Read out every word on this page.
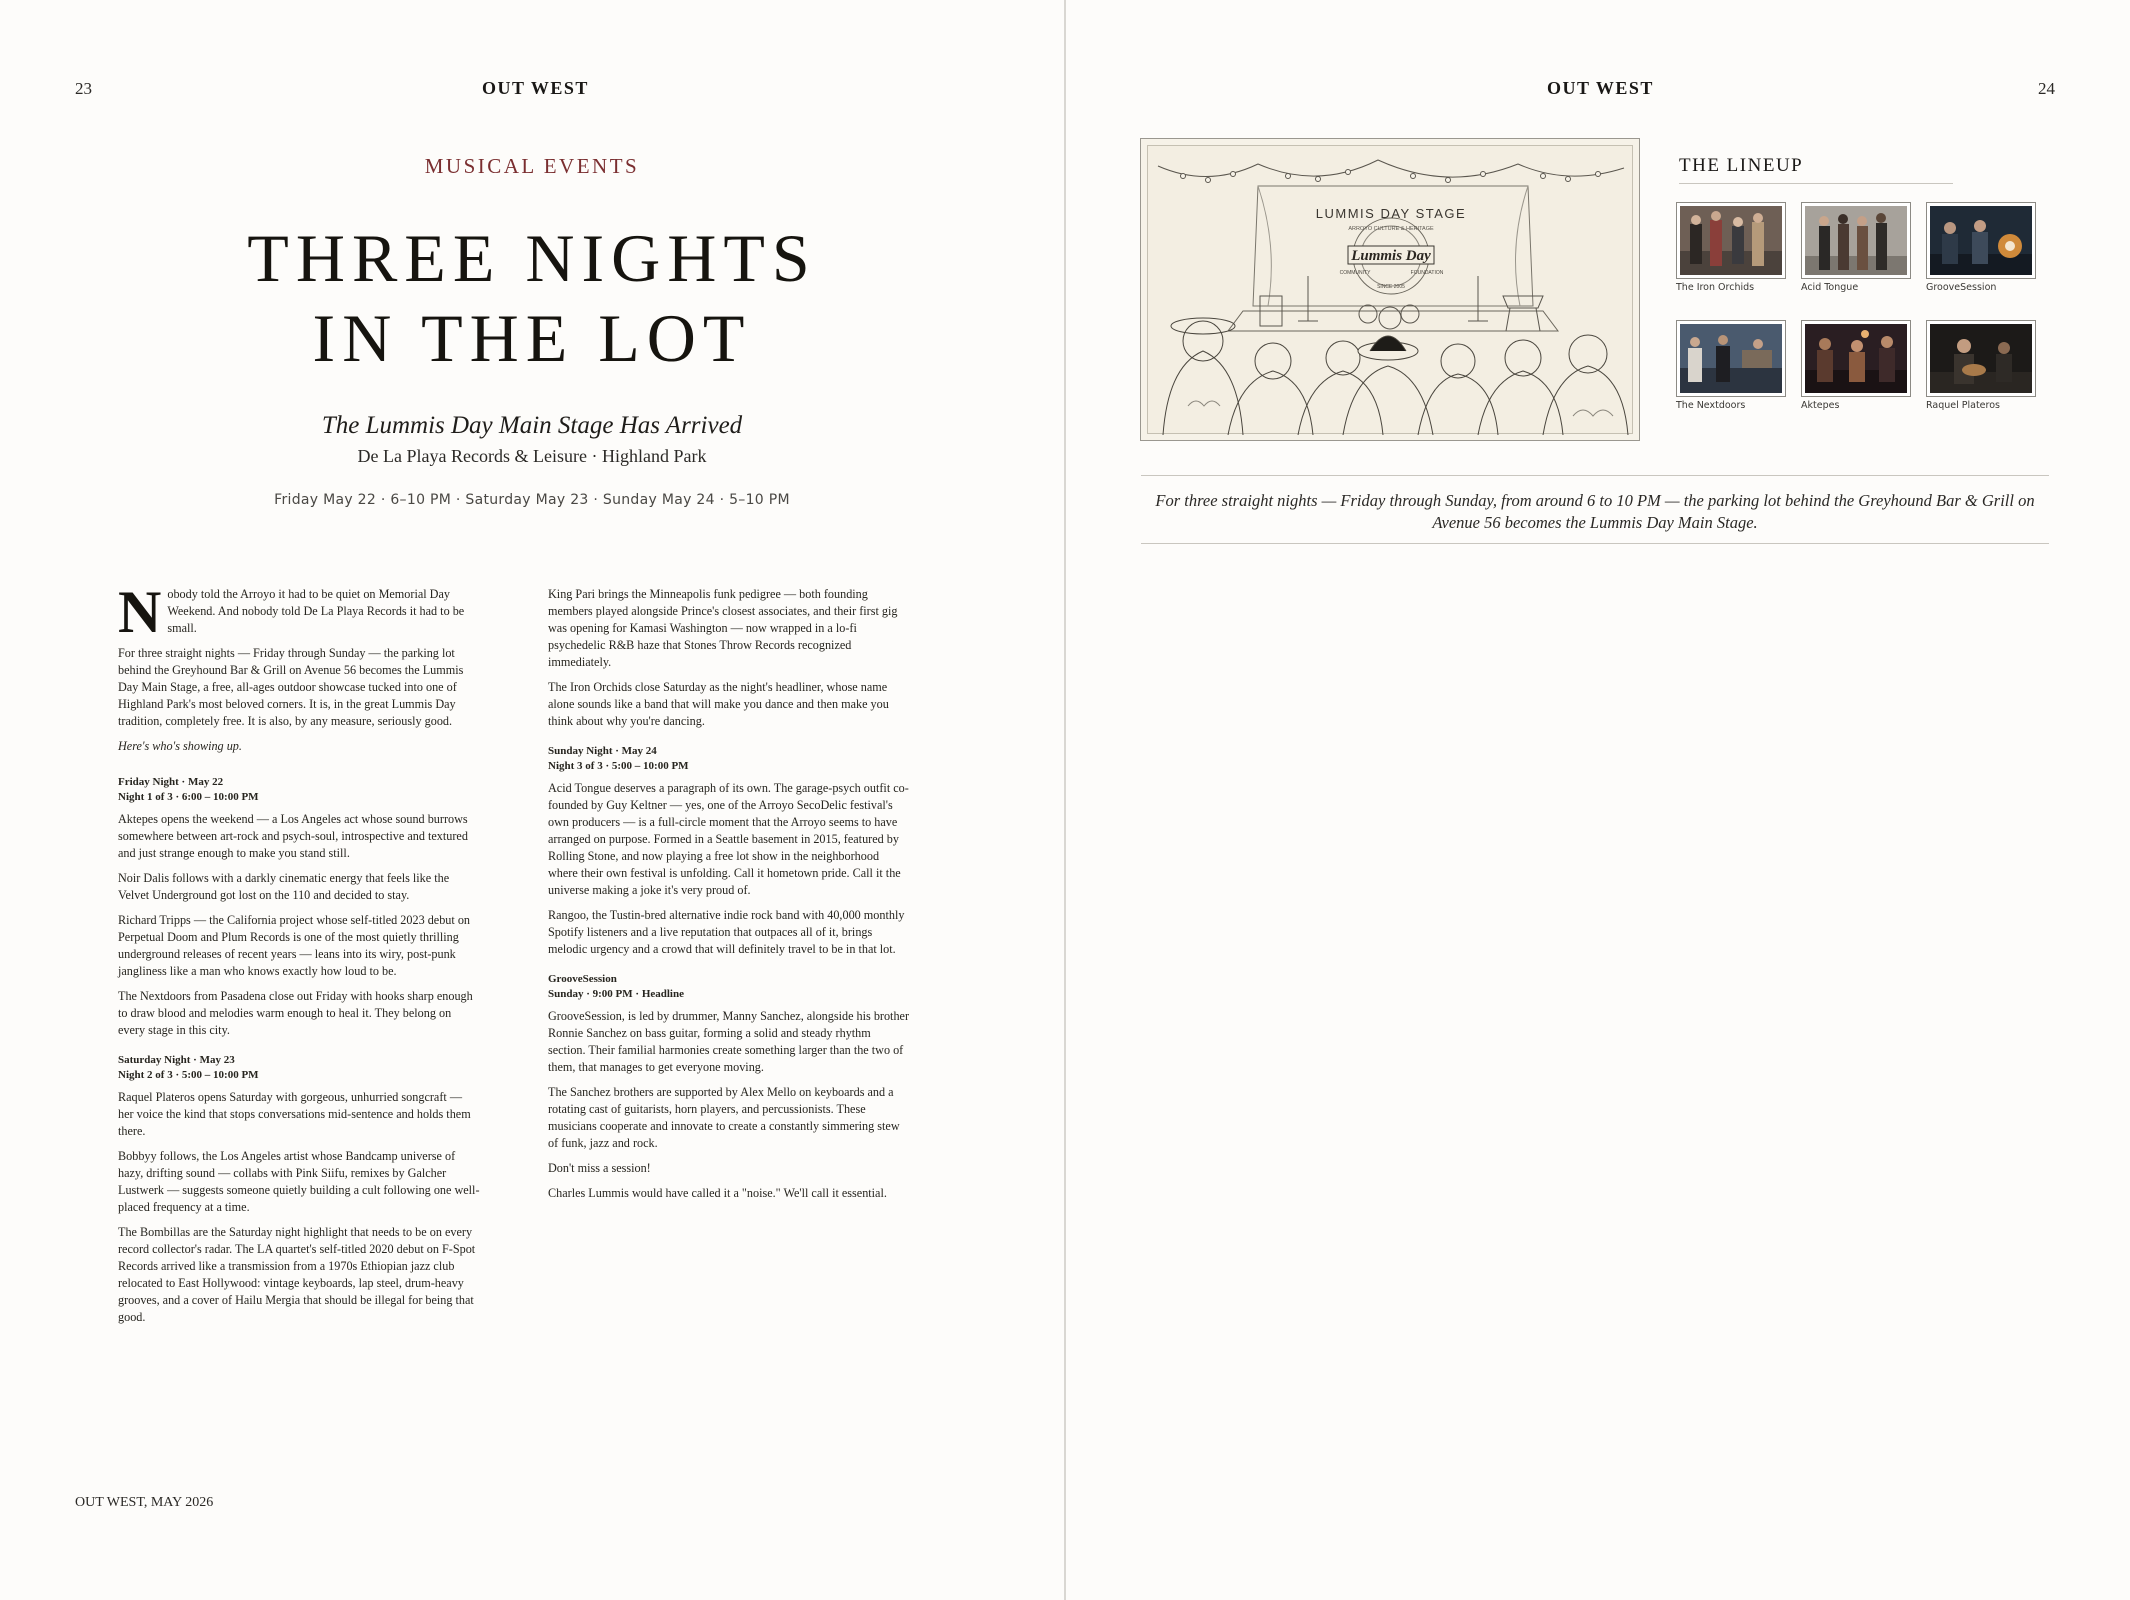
23	OUT WEST
MUSICAL EVENTS
THREE NIGHTS
IN THE LOT
The Lummis Day Main Stage Has Arrived
De La Playa Records & Leisure · Highland Park
Friday May 22 · 6–10 PM · Saturday May 23 · Sunday May 24 · 5–10 PM

Nobody told the Arroyo it had to be quiet on Memorial Day Weekend. And nobody told De La Playa Records it had to be small.

For three straight nights — Friday through Sunday — the parking lot behind the Greyhound Bar & Grill on Avenue 56 becomes the Lummis Day Main Stage, a free, all-ages outdoor showcase tucked into one of Highland Park's most beloved corners. It is, in the great Lummis Day tradition, completely free. It is also, by any measure, seriously good.

Here's who's showing up.

Friday Night · May 22
Night 1 of 3 · 6:00 – 10:00 PM

Aktepes opens the weekend — a Los Angeles act whose sound burrows somewhere between art-rock and psych-soul, introspective and textured and just strange enough to make you stand still.

Noir Dalis follows with a darkly cinematic energy that feels like the Velvet Underground got lost on the 110 and decided to stay.

Richard Tripps — the California project whose self-titled 2023 debut on Perpetual Doom and Plum Records is one of the most quietly thrilling underground releases of recent years — leans into its wiry, post-punk jangliness like a man who knows exactly how loud to be.

The Nextdoors from Pasadena close out Friday with hooks sharp enough to draw blood and melodies warm enough to heal it. They belong on every stage in this city.

Saturday Night · May 23
Night 2 of 3 · 5:00 – 10:00 PM

Raquel Plateros opens Saturday with gorgeous, unhurried songcraft — her voice the kind that stops conversations mid-sentence and holds them there.

Bobbyy follows, the Los Angeles artist whose Bandcamp universe of hazy, drifting sound — collabs with Pink Siifu, remixes by Galcher Lustwerk — suggests someone quietly building a cult following one well-placed frequency at a time.

The Bombillas are the Saturday night highlight that needs to be on every record collector's radar. The LA quartet's self-titled 2020 debut on F-Spot Records arrived like a transmission from a 1970s Ethiopian jazz club relocated to East Hollywood: vintage keyboards, lap steel, drum-heavy grooves, and a cover of Hailu Mergia that should be illegal for being that good.

King Pari brings the Minneapolis funk pedigree — both founding members played alongside Prince's closest associates, and their first gig was opening for Kamasi Washington — now wrapped in a lo-fi psychedelic R&B haze that Stones Throw Records recognized immediately.

The Iron Orchids close Saturday as the night's headliner, whose name alone sounds like a band that will make you dance and then make you think about why you're dancing.

Sunday Night · May 24
Night 3 of 3 · 5:00 – 10:00 PM

Acid Tongue deserves a paragraph of its own. The garage-psych outfit co-founded by Guy Keltner — yes, one of the Arroyo SecoDelic festival's own producers — is a full-circle moment that the Arroyo seems to have arranged on purpose. Formed in a Seattle basement in 2015, featured by Rolling Stone, and now playing a free lot show in the neighborhood where their own festival is unfolding. Call it hometown pride. Call it the universe making a joke it's very proud of.

Rangoo, the Tustin-bred alternative indie rock band with 40,000 monthly Spotify listeners and a live reputation that outpaces all of it, brings melodic urgency and a crowd that will definitely travel to be in that lot.

GrooveSession
Sunday · 9:00 PM · Headline

GrooveSession, is led by drummer, Manny Sanchez, alongside his brother Ronnie Sanchez on bass guitar, forming a solid and steady rhythm section. Their familial harmonies create something larger than the two of them, that manages to get everyone moving.

The Sanchez brothers are supported by Alex Mello on keyboards and a rotating cast of guitarists, horn players, and percussionists. These musicians cooperate and innovate to create a constantly simmering stew of funk, jazz and rock.

Don't miss a session!

Charles Lummis would have called it a "noise." We'll call it essential.

OUT WEST, MAY 2026
OUT WEST	24
LUMMIS DAY STAGE
ARROYO CULTURE & HERITAGE
Lummis Day
COMMUNITY	FOUNDATION
SINCE 2005
THE LINEUP
The Iron Orchids	Acid Tongue	GrooveSession
The Nextdoors	Aktepes	Raquel Plateros
For three straight nights — Friday through Sunday, from around 6 to 10 PM — the parking lot behind the Greyhound Bar & Grill on Avenue 56 becomes the Lummis Day Main Stage.
